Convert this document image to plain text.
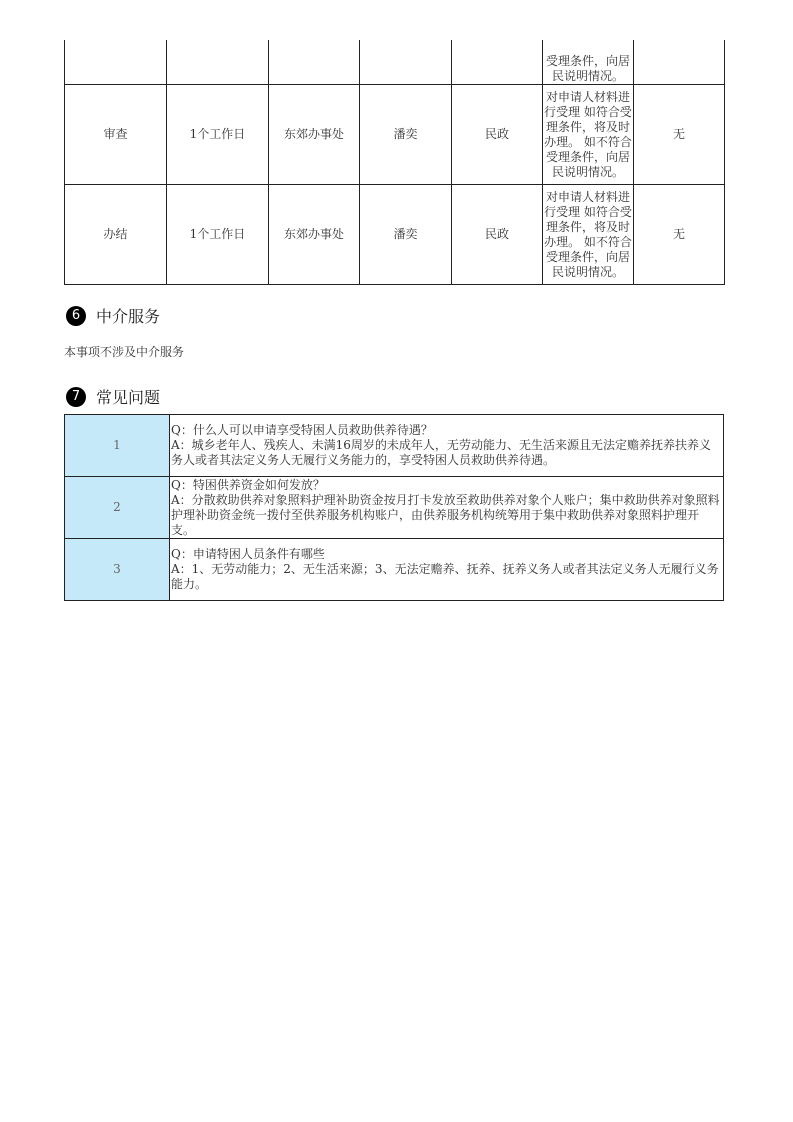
					受理条件，向居民说明情况。	
审查	1个工作日	东郊办事处	潘奕	民政	对申请人材料进行受理 如符合受理条件，将及时办理。 如不符合受理条件，向居民说明情况。	无
办结	1个工作日	东郊办事处	潘奕	民政	对申请人材料进行受理 如符合受理条件，将及时办理。 如不符合受理条件，向居民说明情况。	无
6 中介服务
本事项不涉及中介服务
7 常见问题
1	Q：什么人可以申请享受特困人员救助供养待遇？
A：城乡老年人、残疾人、未满16周岁的未成年人，无劳动能力、无生活来源且无法定赡养抚养扶养义务人或者其法定义务人无履行义务能力的，享受特困人员救助供养待遇。

2	Q：特困供养资金如何发放？
A：分散救助供养对象照料护理补助资金按月打卡发放至救助供养对象个人账户；集中救助供养对象照料护理补助资金统一拨付至供养服务机构账户，由供养服务机构统筹用于集中救助供养对象照料护理开支。

3	Q：申请特困人员条件有哪些
A：1、无劳动能力；2、无生活来源；3、无法定赡养、抚养、抚养义务人或者其法定义务人无履行义务能力。
